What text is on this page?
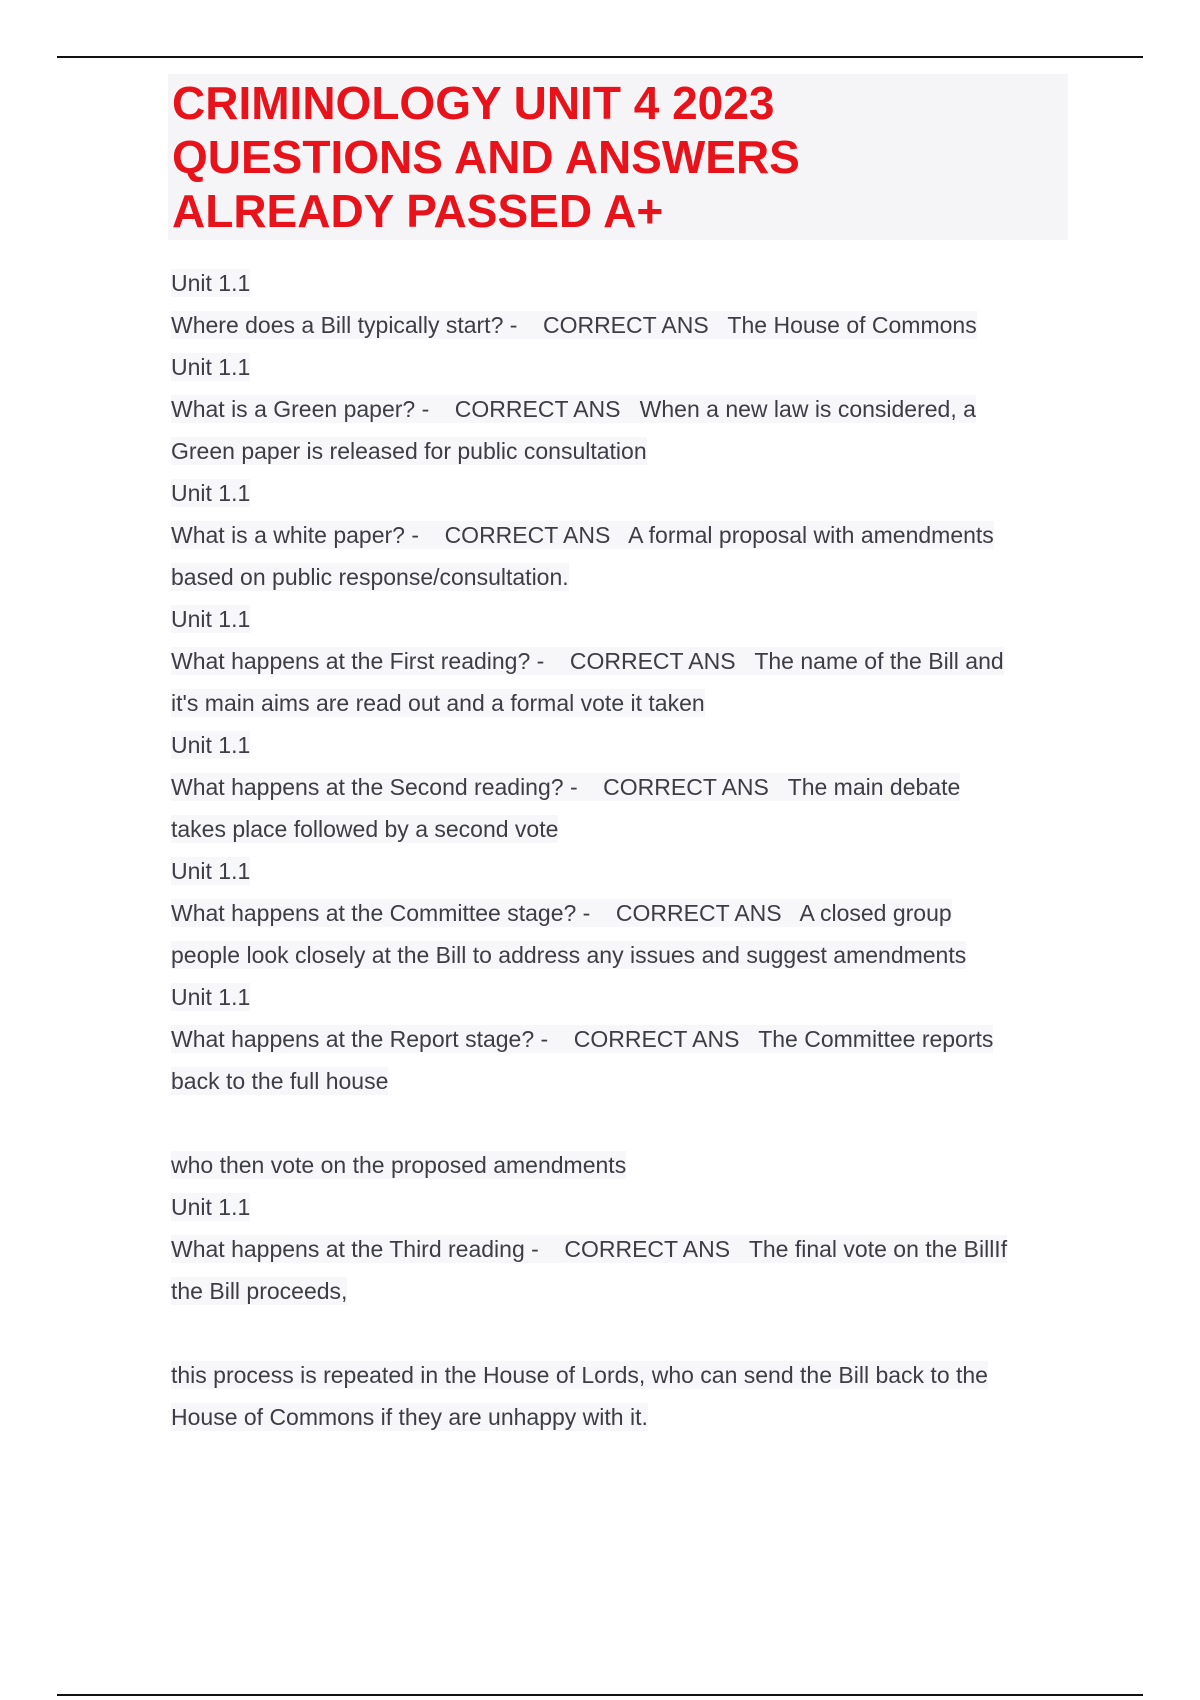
CRIMINOLOGY UNIT 4 2023
QUESTIONS AND ANSWERS
ALREADY PASSED A+
Unit 1.1
Where does a Bill typically start? -    CORRECT ANS   The House of Commons
Unit 1.1
What is a Green paper? -    CORRECT ANS   When a new law is considered, a
Green paper is released for public consultation
Unit 1.1
What is a white paper? -    CORRECT ANS   A formal proposal with amendments
based on public response/consultation.
Unit 1.1
What happens at the First reading? -    CORRECT ANS   The name of the Bill and
it's main aims are read out and a formal vote it taken
Unit 1.1
What happens at the Second reading? -    CORRECT ANS   The main debate
takes place followed by a second vote
Unit 1.1
What happens at the Committee stage? -    CORRECT ANS   A closed group
people look closely at the Bill to address any issues and suggest amendments
Unit 1.1
What happens at the Report stage? -    CORRECT ANS   The Committee reports
back to the full house
who then vote on the proposed amendments
Unit 1.1
What happens at the Third reading -    CORRECT ANS   The final vote on the BillIf
the Bill proceeds,
this process is repeated in the House of Lords, who can send the Bill back to the
House of Commons if they are unhappy with it.
